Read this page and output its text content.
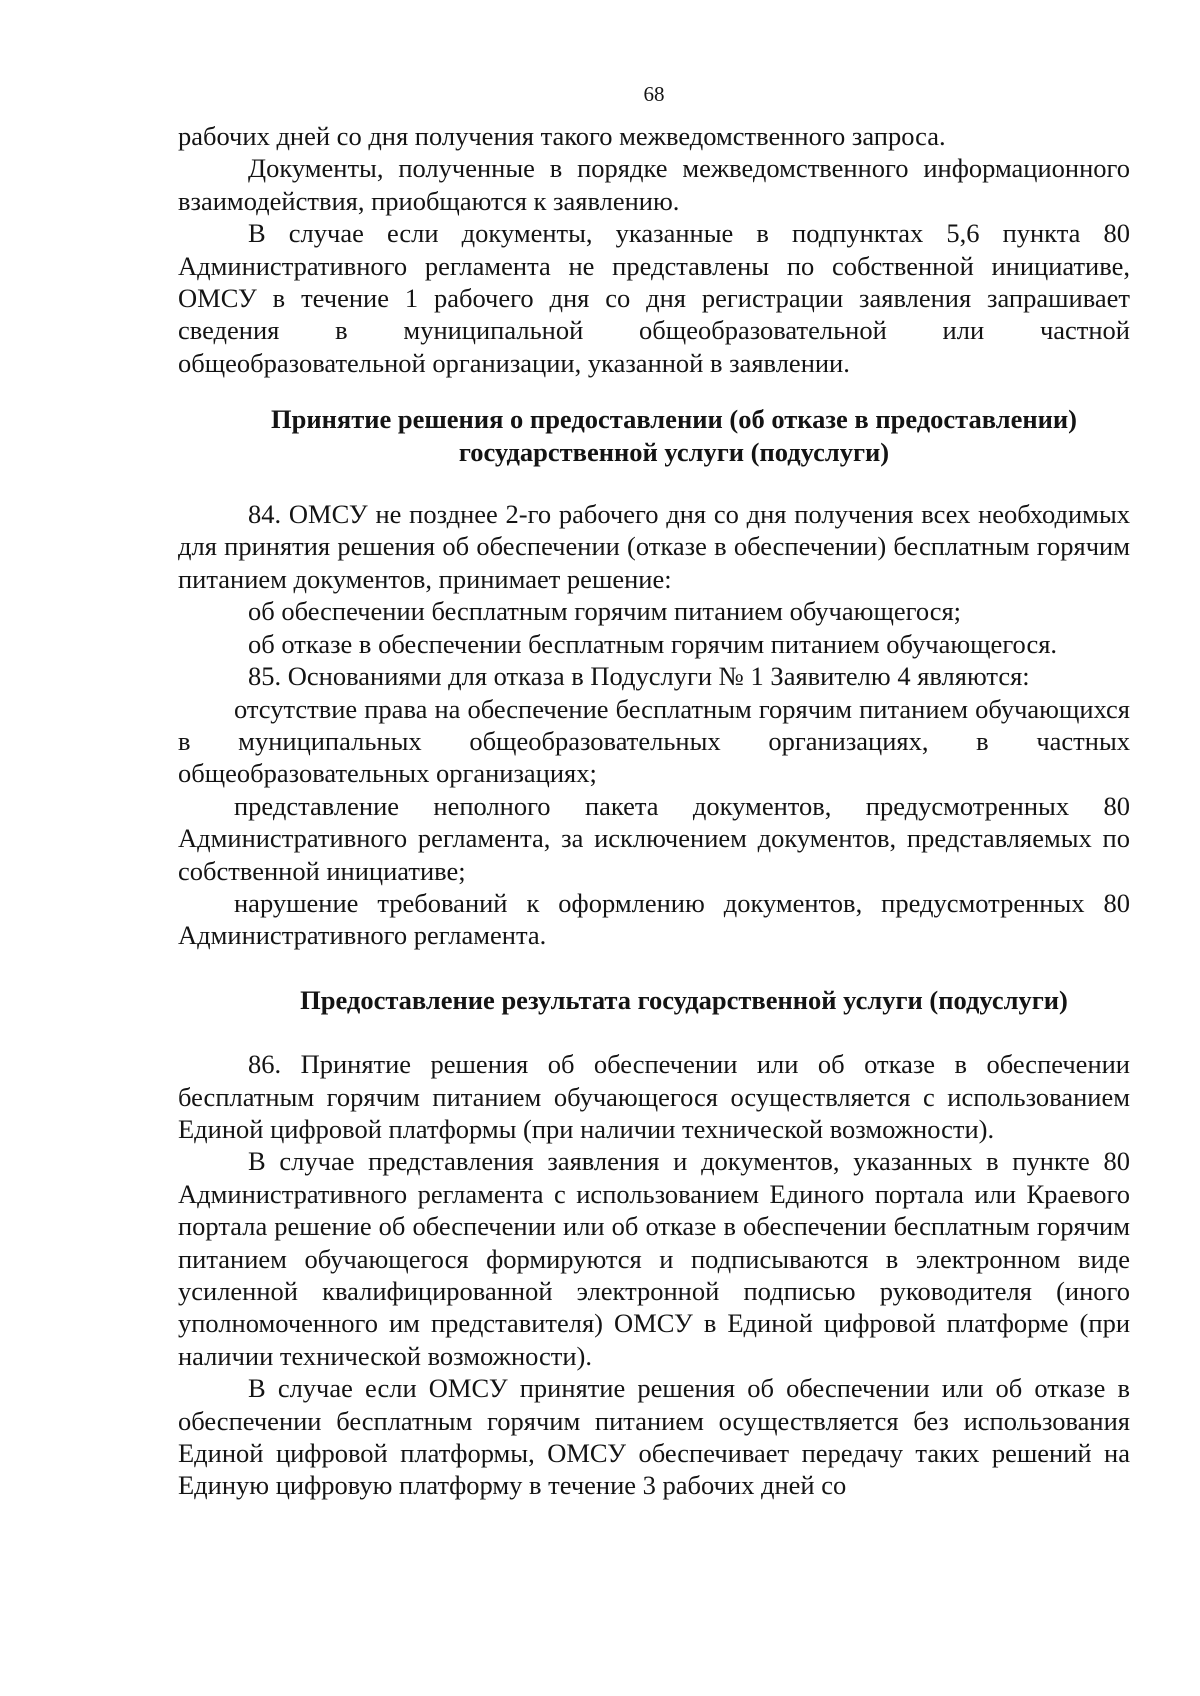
68

рабочих дней со дня получения такого межведомственного запроса.

Документы, полученные в порядке межведомственного информационного взаимодействия, приобщаются к заявлению.

В случае если документы, указанные в подпунктах 5,6 пункта 80 Административного регламента не представлены по собственной инициативе, ОМСУ в течение 1 рабочего дня со дня регистрации заявления запрашивает сведения в муниципальной общеобразовательной или частной общеобразовательной организации, указанной в заявлении.

Принятие решения о предоставлении (об отказе в предоставлении) государственной услуги (подуслуги)

84. ОМСУ не позднее 2-го рабочего дня со дня получения всех необходимых для принятия решения об обеспечении (отказе в обеспечении) бесплатным горячим питанием документов, принимает решение:

об обеспечении бесплатным горячим питанием обучающегося;

об отказе в обеспечении бесплатным горячим питанием обучающегося.

85. Основаниями для отказа в Подуслуги № 1 Заявителю 4 являются:

отсутствие права на обеспечение бесплатным горячим питанием обучающихся в муниципальных общеобразовательных организациях, в частных общеобразовательных организациях;

представление неполного пакета документов, предусмотренных 80 Административного регламента, за исключением документов, представляемых по собственной инициативе;

нарушение требований к оформлению документов, предусмотренных 80 Административного регламента.

Предоставление результата государственной услуги (подуслуги)

86. Принятие решения об обеспечении или об отказе в обеспечении бесплатным горячим питанием обучающегося осуществляется с использованием Единой цифровой платформы (при наличии технической возможности).

В случае представления заявления и документов, указанных в пункте 80 Административного регламента с использованием Единого портала или Краевого портала решение об обеспечении или об отказе в обеспечении бесплатным горячим питанием обучающегося формируются и подписываются в электронном виде усиленной квалифицированной электронной подписью руководителя (иного уполномоченного им представителя) ОМСУ в Единой цифровой платформе (при наличии технической возможности).

В случае если ОМСУ принятие решения об обеспечении или об отказе в обеспечении бесплатным горячим питанием осуществляется без использования Единой цифровой платформы, ОМСУ обеспечивает передачу таких решений на Единую цифровую платформу в течение 3 рабочих дней со
